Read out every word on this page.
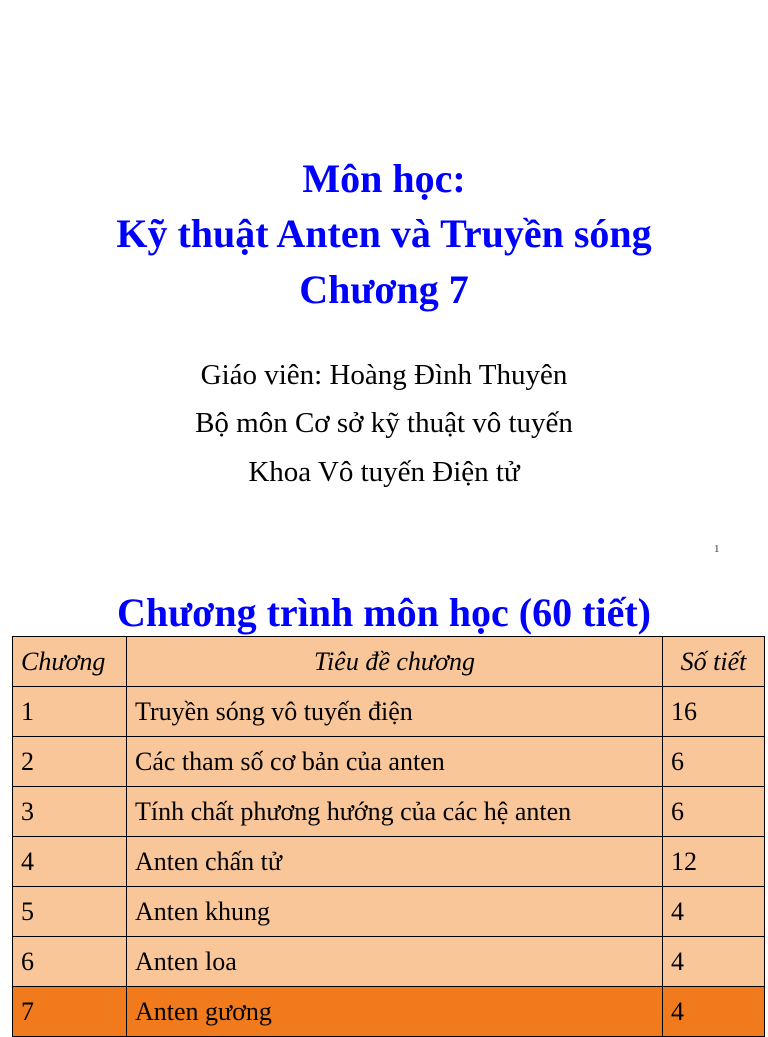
Môn học:
Kỹ thuật Anten và Truyền sóng
Chương 7
Giáo viên: Hoàng Đình Thuyên
Bộ môn Cơ sở kỹ thuật vô tuyến
Khoa Vô tuyến Điện tử
1
Chương trình môn học (60 tiết)
Chương	Tiêu đề chương	Số tiết
1	Truyền sóng vô tuyến điện	16
2	Các tham số cơ bản của anten	6
3	Tính chất phương hướng của các hệ anten	6
4	Anten chấn tử	12
5	Anten khung	4
6	Anten loa	4
7	Anten gương	4
